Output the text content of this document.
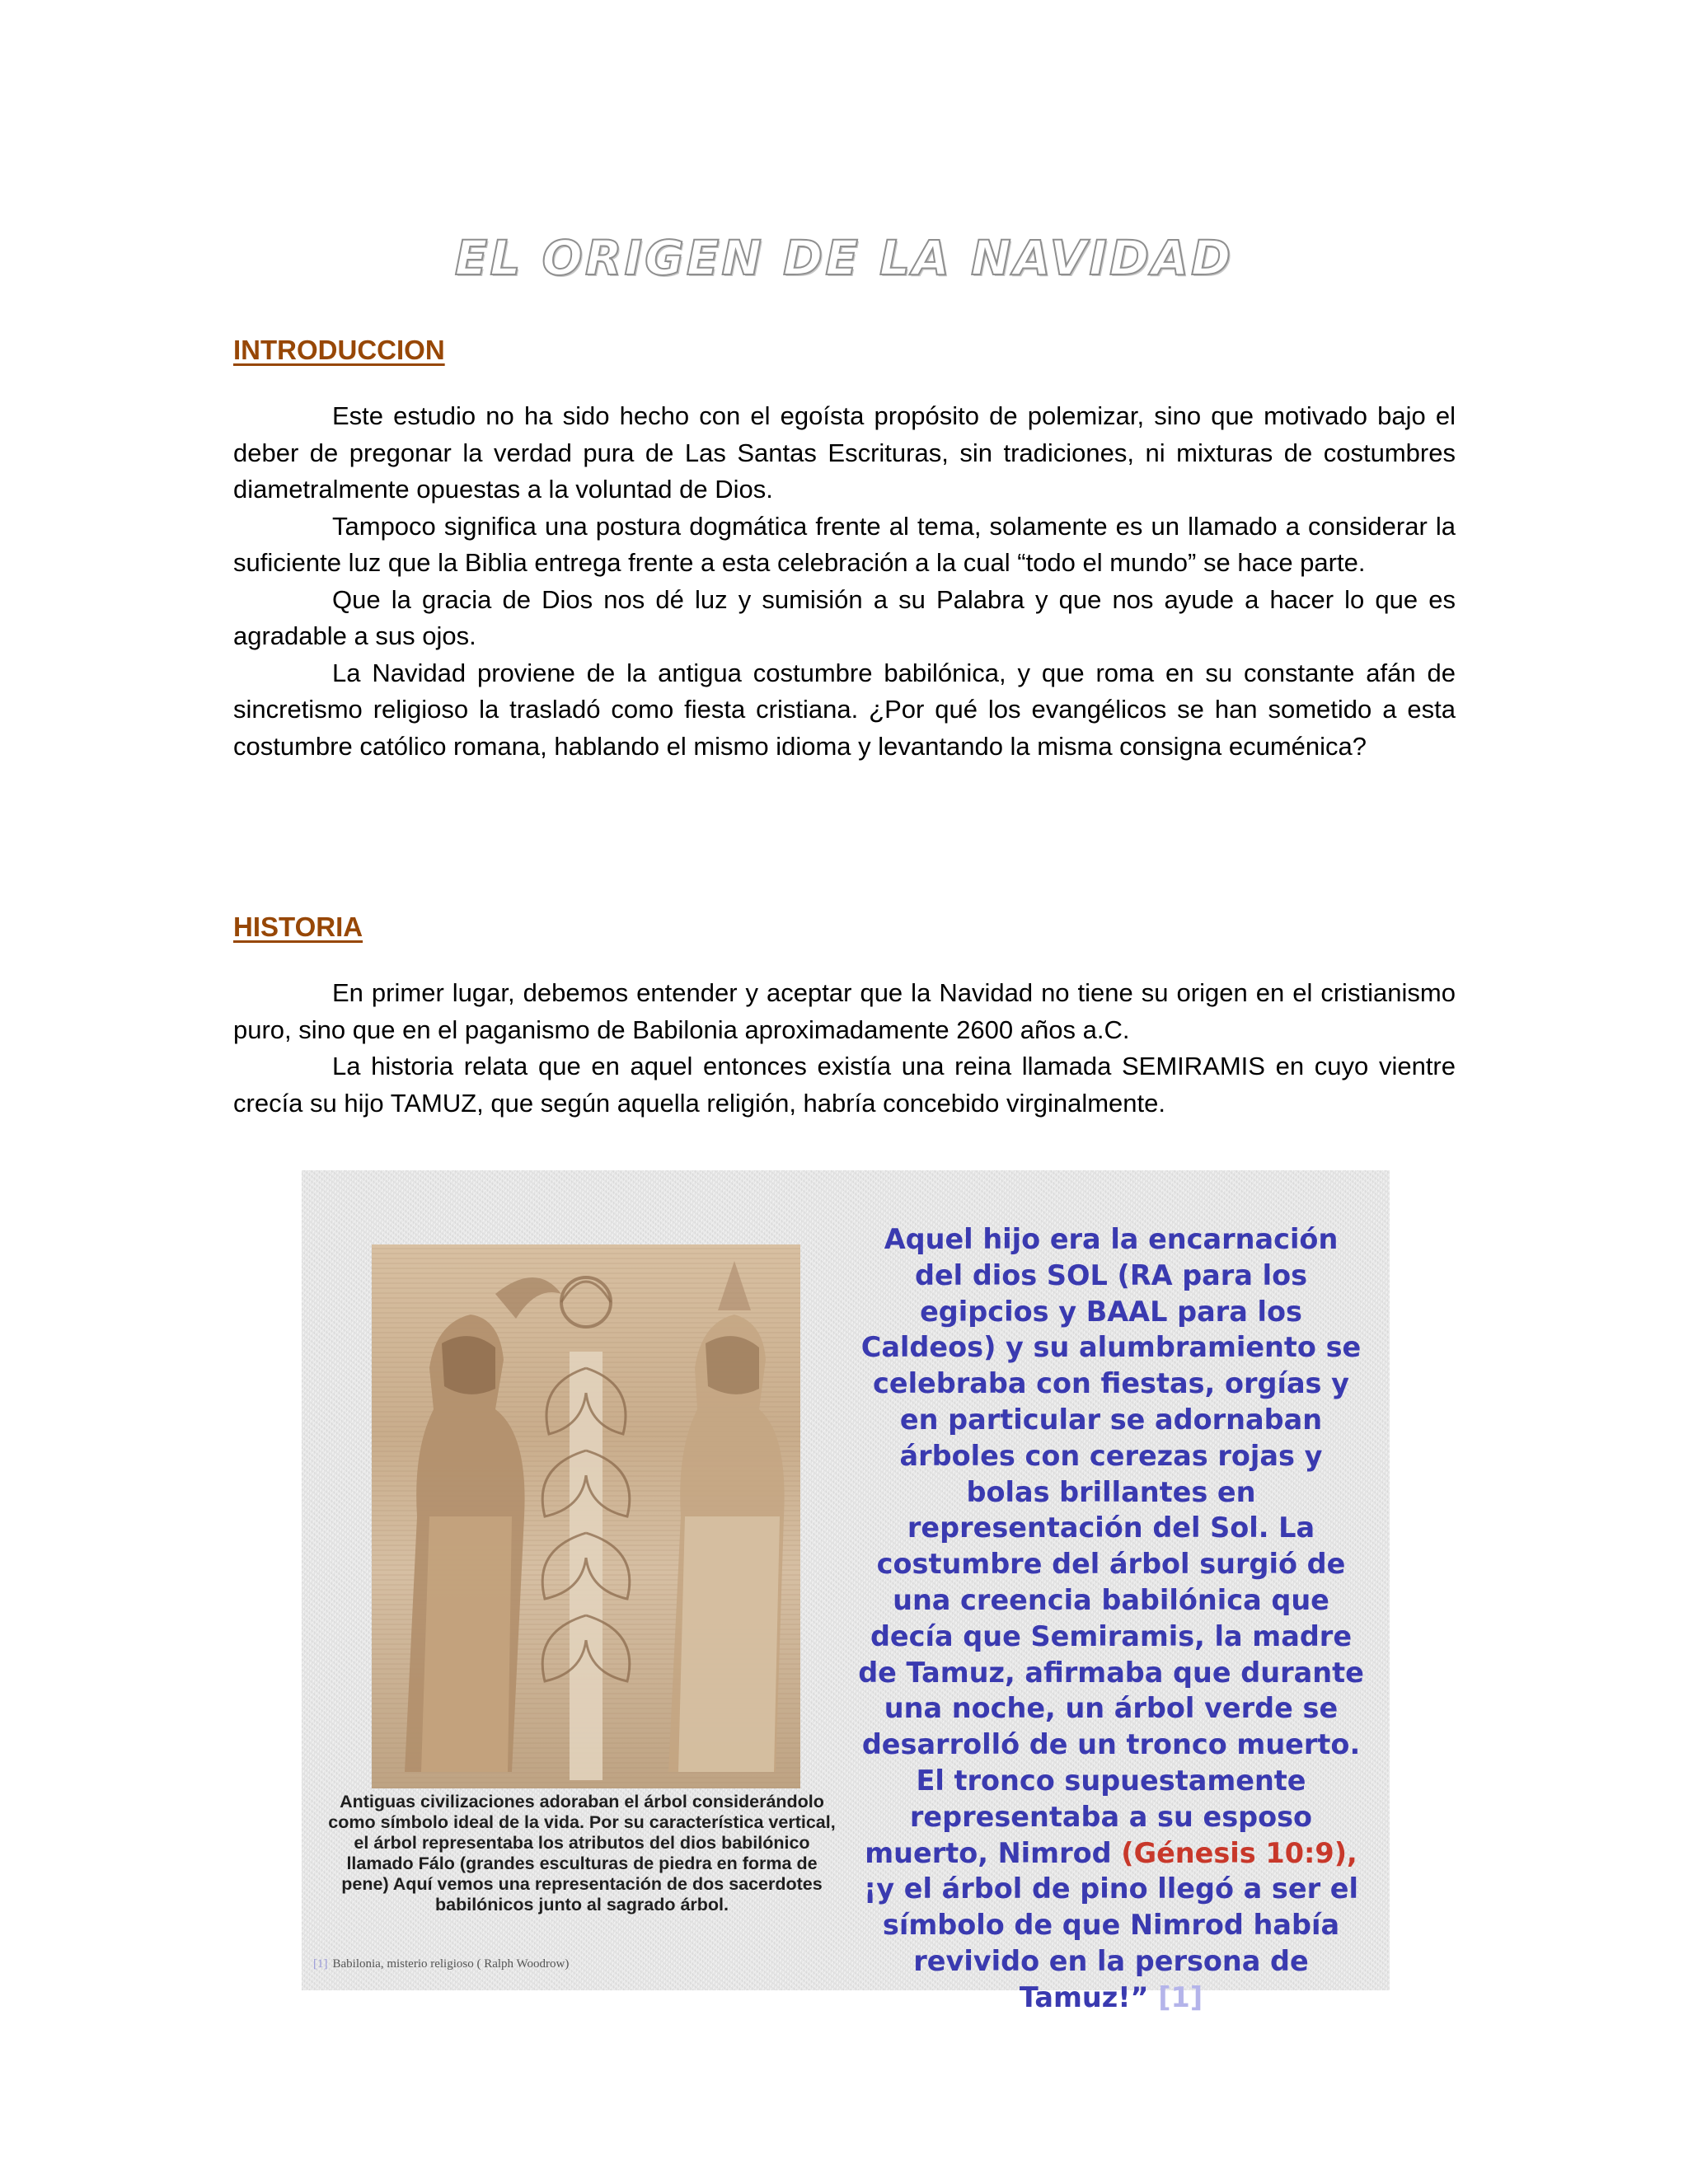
EL ORIGEN DE LA NAVIDAD
INTRODUCCION

Este estudio no ha sido hecho con el egoísta propósito de polemizar, sino que motivado bajo el deber de pregonar la verdad pura de Las Santas Escrituras, sin tradiciones, ni mixturas de costumbres diametralmente opuestas a la voluntad de Dios.

Tampoco significa una postura dogmática frente al tema, solamente es un llamado a considerar la suficiente luz que la Biblia entrega frente a esta celebración a la cual “todo el mundo” se hace parte.

Que la gracia de Dios nos dé luz y sumisión a su Palabra y que nos ayude a hacer lo que es agradable a sus ojos.

La Navidad proviene de la antigua costumbre babilónica, y que roma en su constante afán de sincretismo religioso la trasladó como fiesta cristiana. ¿Por qué los evangélicos se han sometido a esta costumbre católico romana, hablando el mismo idioma y levantando la misma consigna ecuménica?

HISTORIA

En primer lugar, debemos entender y aceptar que la Navidad no tiene su origen en el cristianismo puro, sino que en el paganismo de Babilonia aproximadamente 2600 años a.C.

La historia relata que en aquel entonces existía una reina llamada SEMIRAMIS en cuyo vientre crecía su hijo TAMUZ, que según aquella religión, habría concebido virginalmente.

Antiguas civilizaciones adoraban el árbol considerándolo como símbolo ideal de la vida. Por su característica vertical, el árbol representaba los atributos del dios babilónico llamado Fálo (grandes esculturas de piedra en forma de pene) Aquí vemos una representación de dos sacerdotes babilónicos junto al sagrado árbol.
Aquel hijo era la encarnación del dios SOL (RA para los egipcios y BAAL para los Caldeos) y su alumbramiento se celebraba con fiestas, orgías y en particular se adornaban árboles con cerezas rojas y bolas brillantes en representación del Sol. La costumbre del árbol surgió de una creencia babilónica que decía que Semiramis, la madre de Tamuz, afirmaba que durante una noche, un árbol verde se desarrolló de un tronco muerto. El tronco supuestamente representaba a su esposo muerto, Nimrod (Génesis 10:9), ¡y el árbol de pino llegó a ser el símbolo de que Nimrod había revivido en la persona de Tamuz!” [1]
[1] Babilonia, misterio religioso ( Ralph Woodrow)
